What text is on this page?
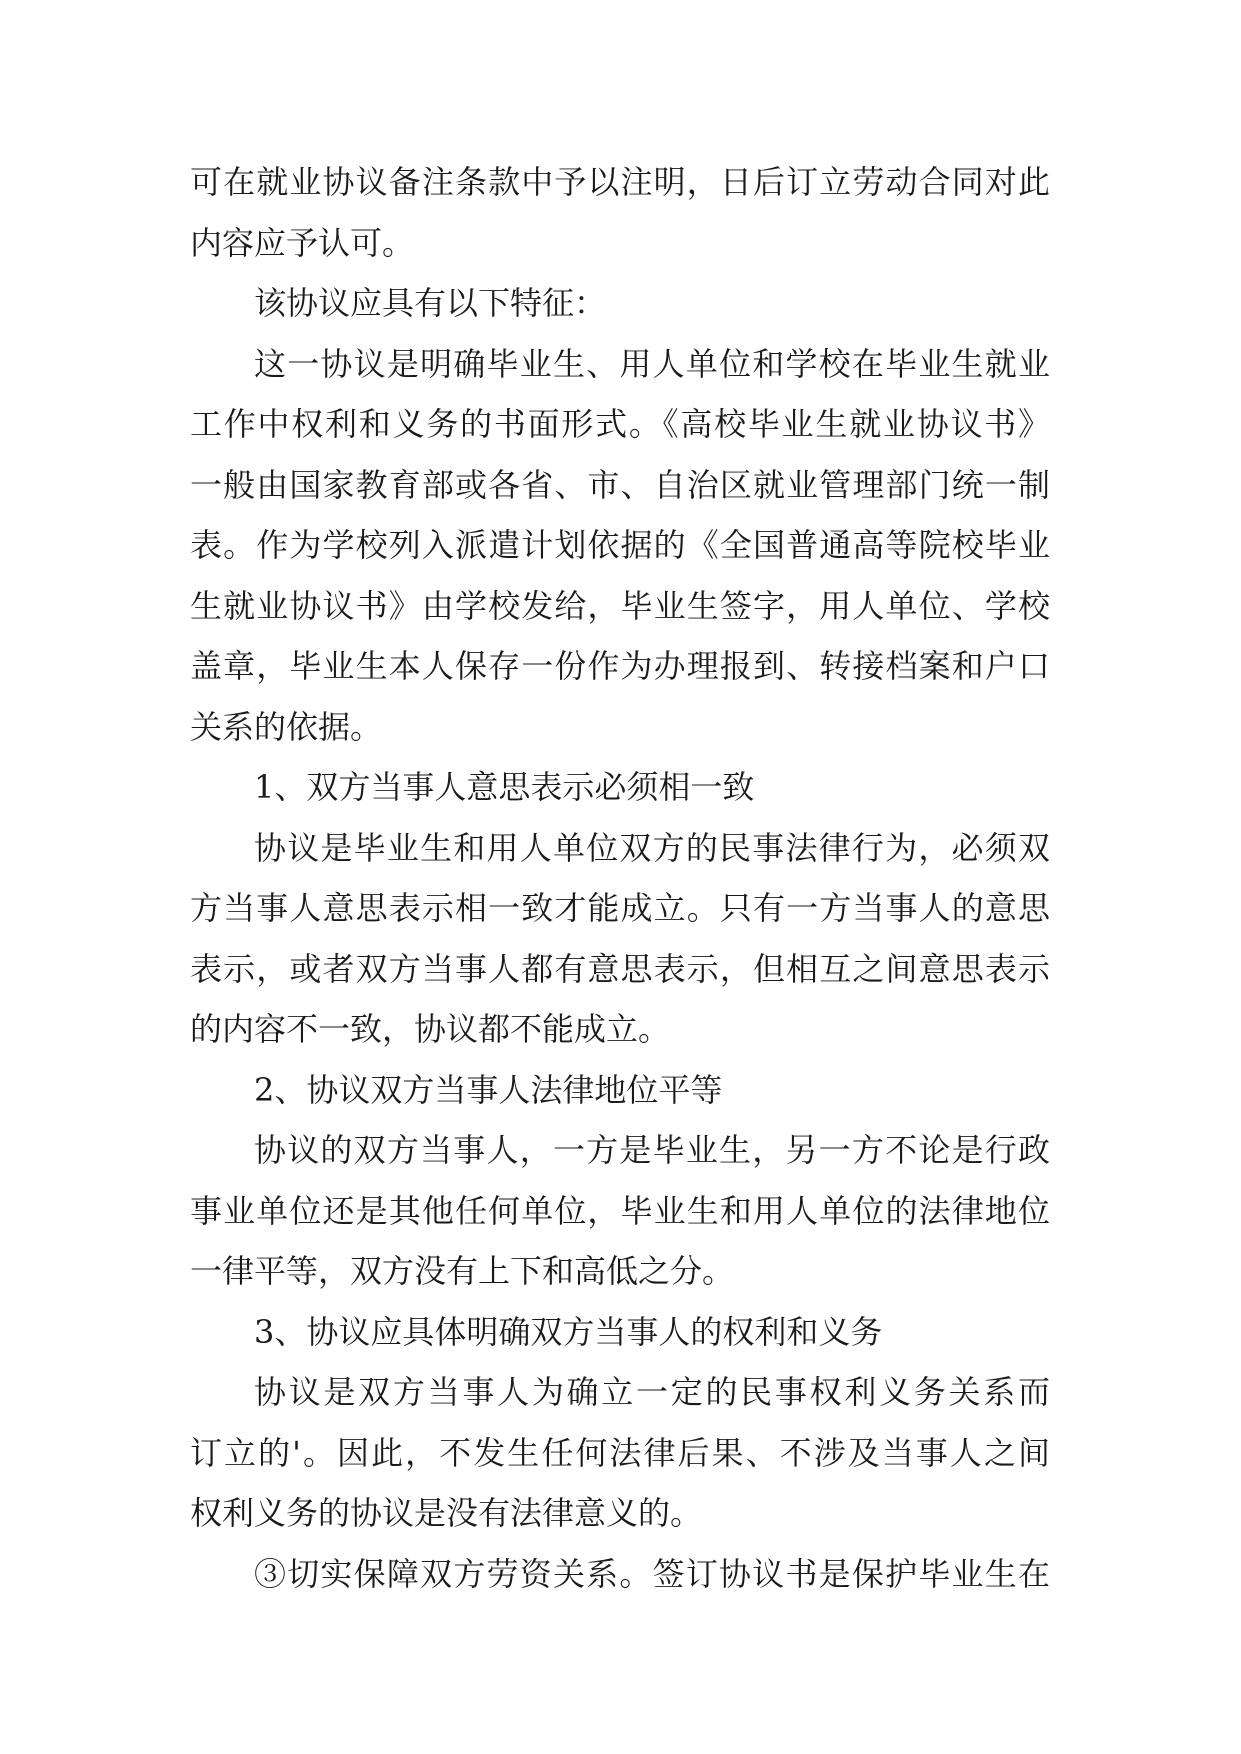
可在就业协议备注条款中予以注明，日后订立劳动合同对此
内容应予认可。
该协议应具有以下特征：
这一协议是明确毕业生、用人单位和学校在毕业生就业
工作中权利和义务的书面形式。《高校毕业生就业协议书》
一般由国家教育部或各省、市、自治区就业管理部门统一制
表。作为学校列入派遣计划依据的《全国普通高等院校毕业
生就业协议书》由学校发给，毕业生签字，用人单位、学校
盖章，毕业生本人保存一份作为办理报到、转接档案和户口
关系的依据。
1、双方当事人意思表示必须相一致
协议是毕业生和用人单位双方的民事法律行为，必须双
方当事人意思表示相一致才能成立。只有一方当事人的意思
表示，或者双方当事人都有意思表示，但相互之间意思表示
的内容不一致，协议都不能成立。
2、协议双方当事人法律地位平等
协议的双方当事人，一方是毕业生，另一方不论是行政
事业单位还是其他任何单位，毕业生和用人单位的法律地位
一律平等，双方没有上下和高低之分。
3、协议应具体明确双方当事人的权利和义务
协议是双方当事人为确立一定的民事权利义务关系而
订立的'。因此，不发生任何法律后果、不涉及当事人之间
权利义务的协议是没有法律意义的。
③切实保障双方劳资关系。签订协议书是保护毕业生在
